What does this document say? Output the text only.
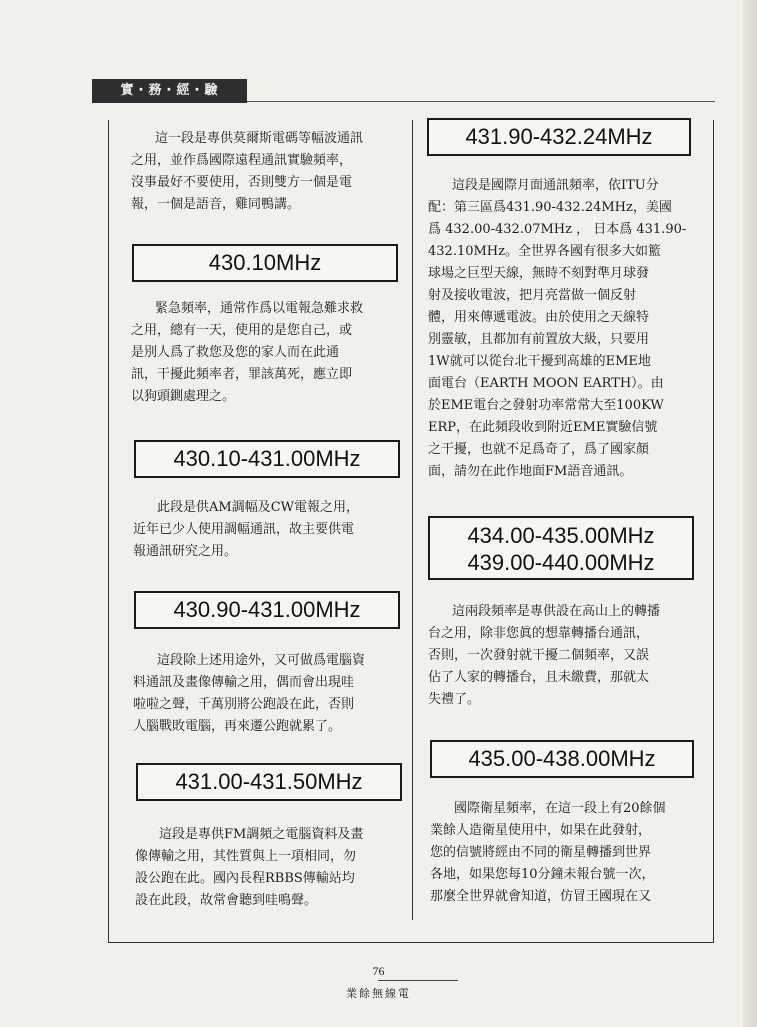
實・務・經・驗
這一段是專供莫爾斯電碼等幅波通訊
之用，並作爲國際遠程通訊實驗頻率，
沒事最好不要使用，否則雙方一個是電
報，一個是語音，雞同鴨講。
430.10MHz
緊急頻率，通常作爲以電報急難求救
之用，總有一天，使用的是您自己，或
是別人爲了救您及您的家人而在此通
訊，干擾此頻率者，罪該萬死，應立即
以狗頭鍘處理之。
430.10-431.00MHz
此段是供AM調幅及CW電報之用，
近年已少人使用調幅通訊，故主要供電
報通訊研究之用。
430.90-431.00MHz
這段除上述用途外，又可做爲電腦資
料通訊及畫像傳輸之用，偶而會出現哇
啦啦之聲，千萬別將公跑設在此，否則
人腦戰敗電腦，再來遷公跑就累了。
431.00-431.50MHz
這段是專供FM調頻之電腦資料及畫
像傳輸之用，其性質與上一項相同，勿
設公跑在此。國內長程RBBS傳輸站均
設在此段，故常會聽到哇鳴聲。
431.90-432.24MHz
這段是國際月面通訊頻率，依ITU分
配：第三區爲431.90-432.24MHz，美國
爲 432.00-432.07MHz ， 日本爲 431.90-
432.10MHz。全世界各國有很多大如籃
球場之巨型天線，無時不刻對準月球發
射及接收電波，把月亮當做一個反射
體，用來傳遞電波。由於使用之天線特
別靈敏，且都加有前置放大級，只要用
1W就可以從台北干擾到高雄的EME地
面電台（EARTH MOON EARTH）。由
於EME電台之發射功率常常大至100KW
ERP，在此頻段收到附近EME實驗信號
之干擾，也就不足爲奇了，爲了國家顏
面，請勿在此作地面FM語音通訊。
434.00-435.00MHz
439.00-440.00MHz
這兩段頻率是專供設在高山上的轉播
台之用，除非您眞的想靠轉播台通訊，
否則，一次發射就干擾二個頻率，又誤
佔了人家的轉播台，且未繳費，那就太
失禮了。
435.00-438.00MHz
國際衛星頻率，在這一段上有20餘個
業餘人造衛星使用中，如果在此發射，
您的信號將經由不同的衛星轉播到世界
各地，如果您每10分鐘未報台號一次，
那麼全世界就會知道，仿冒王國現在又
76
業餘無線電
